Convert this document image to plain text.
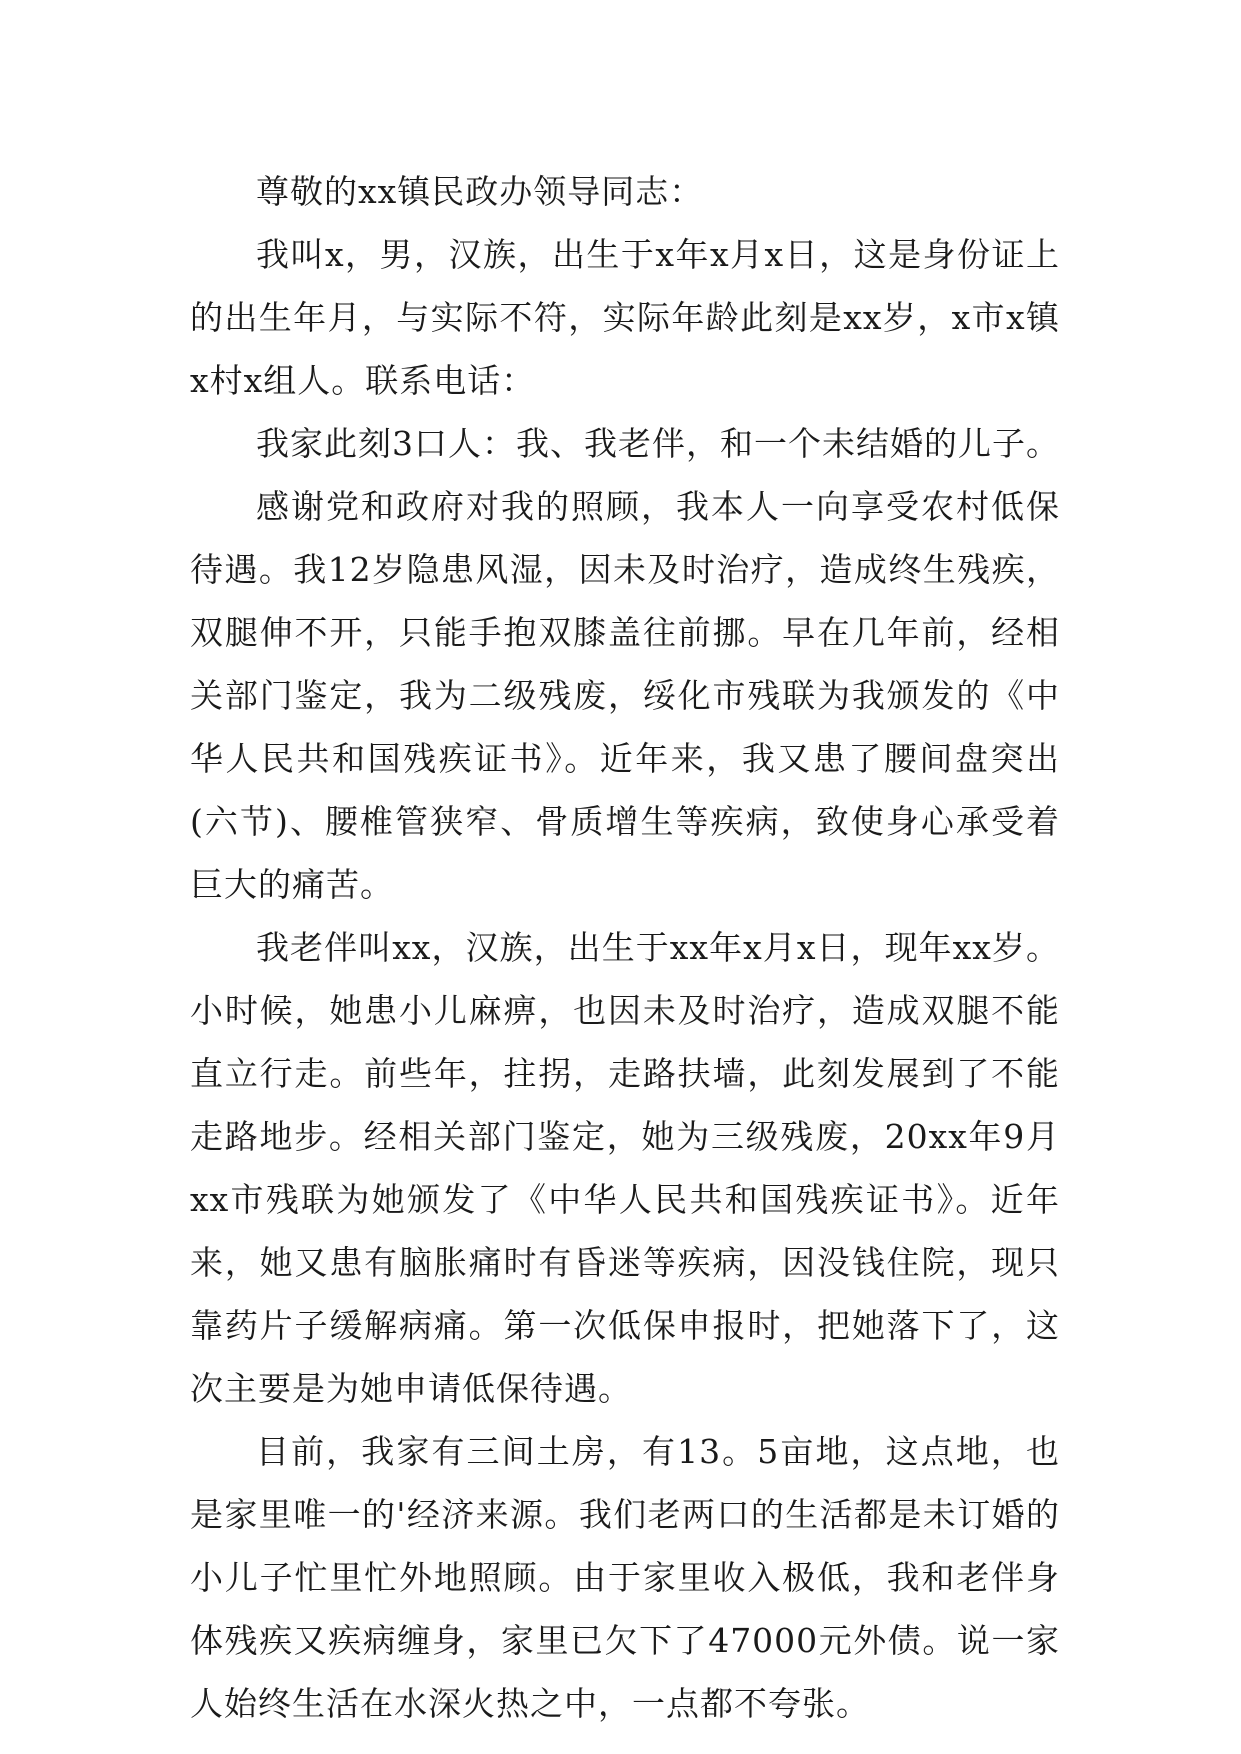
尊敬的xx镇民政办领导同志：

我叫x，男，汉族，出生于x年x月x日，这是身份证上的出生年月，与实际不符，实际年龄此刻是xx岁，x市x镇x村x组人。联系电话：

我家此刻3口人：我、我老伴，和一个未结婚的儿子。

感谢党和政府对我的照顾，我本人一向享受农村低保待遇。我12岁隐患风湿，因未及时治疗，造成终生残疾，双腿伸不开，只能手抱双膝盖往前挪。早在几年前，经相关部门鉴定，我为二级残废，绥化市残联为我颁发的《中华人民共和国残疾证书》。近年来，我又患了腰间盘突出(六节)、腰椎管狭窄、骨质增生等疾病，致使身心承受着巨大的痛苦。

我老伴叫xx，汉族，出生于xx年x月x日，现年xx岁。小时候，她患小儿麻痹，也因未及时治疗，造成双腿不能直立行走。前些年，拄拐，走路扶墙，此刻发展到了不能走路地步。经相关部门鉴定，她为三级残废，20xx年9月xx市残联为她颁发了《中华人民共和国残疾证书》。近年来，她又患有脑胀痛时有昏迷等疾病，因没钱住院，现只靠药片子缓解病痛。第一次低保申报时，把她落下了，这次主要是为她申请低保待遇。

目前，我家有三间土房，有13。5亩地，这点地，也是家里唯一的'经济来源。我们老两口的生活都是未订婚的小儿子忙里忙外地照顾。由于家里收入极低，我和老伴身体残疾又疾病缠身，家里已欠下了47000元外债。说一家人始终生活在水深火热之中，一点都不夸张。
